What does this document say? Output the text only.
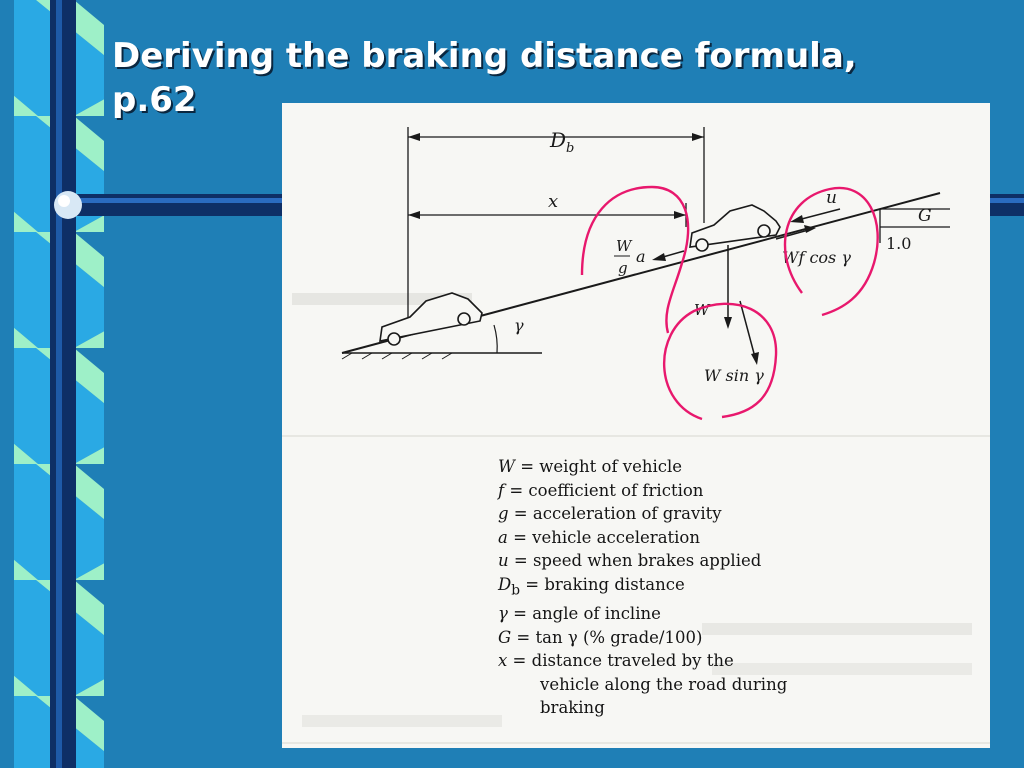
Deriving the braking distance formula,
p.62
$D_b$
x	u
G
1.0
W
g
a	Wf cos γ
W
W sin γ
γ
W = weight of vehicle
f = coefficient of friction
g = acceleration of gravity
a = vehicle acceleration
u = speed when brakes applied
$D_b$ = braking distance
γ = angle of incline
G = tan γ (% grade/100)
x = distance traveled by the
vehicle along the road during
braking
